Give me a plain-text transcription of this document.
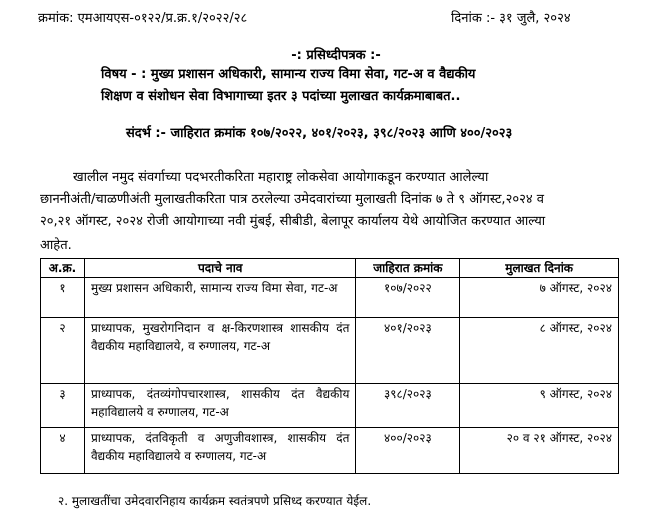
क्रमांक: एमआयएस-०१२२/प्र.क्र.१/२०२२/२८	दिनांक :- ३१ जुलै, २०२४
-: प्रसिध्दीपत्रक :-
विषय - : मुख्य प्रशासन अधिकारी, सामान्य राज्य विमा सेवा, गट-अ व वैद्यकीय
शिक्षण व संशोधन सेवा विभागाच्या इतर ३ पदांच्या मुलाखत कार्यक्रमाबाबत..
संदर्भ :- जाहिरात क्रमांक १०७/२०२२, ४०१/२०२३, ३९८/२०२३ आणि ४००/२०२३
खालील नमुद संवर्गाच्या पदभरतीकरिता महाराष्ट्र लोकसेवा आयोगाकडून करण्यात आलेल्या
छाननीअंती/चाळणीअंती मुलाखतीकरिता पात्र ठरलेल्या उमेदवारांच्या मुलाखती दिनांक ७ ते ९ ऑगस्ट,२०२४ व
२०,२१ ऑगस्ट, २०२४ रोजी आयोगाच्या नवी मुंबई, सीबीडी, बेलापूर कार्यालय येथे आयोजित करण्यात आल्या
आहेत.
अ.क्र.	पदाचे नाव	जाहिरात क्रमांक	मुलाखत दिनांक
१	मुख्य प्रशासन अधिकारी, सामान्य राज्य विमा सेवा, गट-अ	१०७/२०२२	७ ऑगस्ट, २०२४
२	प्राध्यापक, मुखरोगनिदान व क्ष-किरणशास्त्र शासकीय दंत वैद्यकीय महाविद्यालये, व रुग्णालय, गट-अ	४०१/२०२३	८ ऑगस्ट, २०२४
३	प्राध्यापक, दंतव्यंगोपचारशास्त्र, शासकीय दंत वैद्यकीय महाविद्यालये व रुग्णालय, गट-अ	३९८/२०२३	९ ऑगस्ट, २०२४
४	प्राध्यापक, दंतविकृती व अणुजीवशास्त्र, शासकीय दंत वैद्यकीय महाविद्यालये व रुग्णालय, गट-अ	४००/२०२३	२० व २१ ऑगस्ट, २०२४
२. मुलाखतींचा उमेदवारनिहाय कार्यक्रम स्वतंत्रपणे प्रसिध्द करण्यात येईल.
